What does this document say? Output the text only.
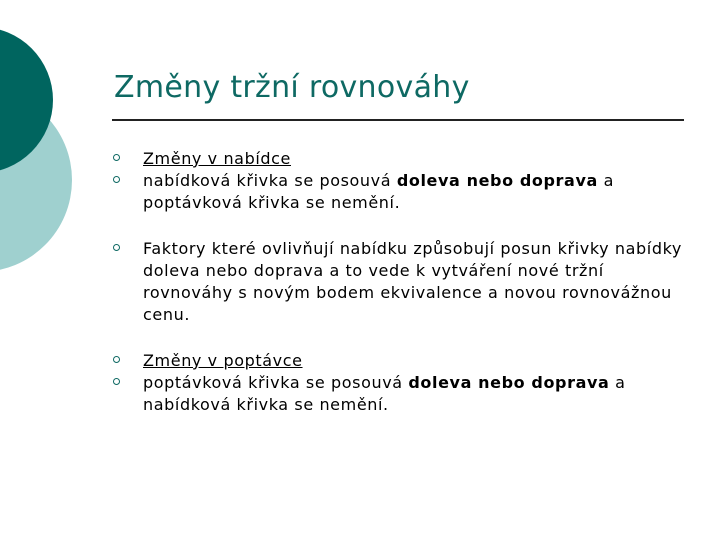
Změny tržní rovnováhy
Změny v nabídce
nabídková křivka se posouvá doleva nebo doprava a poptávková křivka se nemění.
Faktory které ovlivňují nabídku způsobují posun křivky nabídky doleva nebo doprava a to vede k vytváření nové tržní rovnováhy s novým bodem ekvivalence a novou rovnovážnou cenu.
Změny v poptávce
poptávková křivka se posouvá doleva nebo doprava a nabídková křivka se nemění.
